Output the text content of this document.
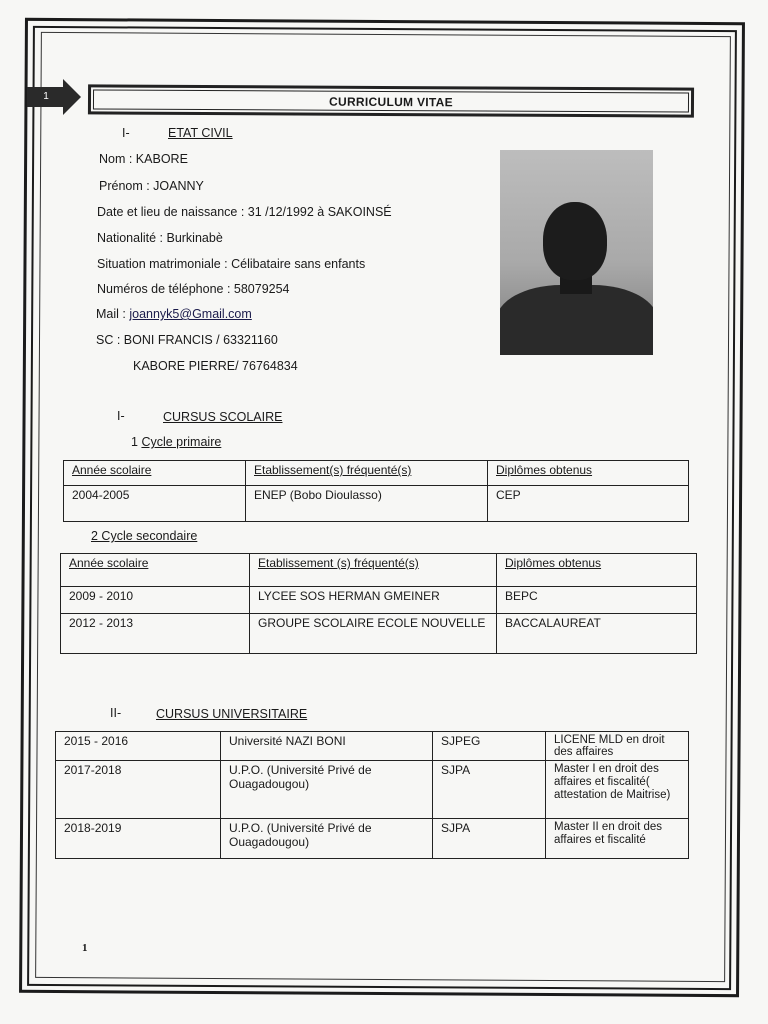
1	CURRICULUM VITAE
I-	ETAT CIVIL
Nom : KABORE
Prénom : JOANNY
Date et lieu de naissance : 31 /12/1992 à SAKOINSÉ
Nationalité : Burkinabè
Situation matrimoniale : Célibataire sans enfants
Numéros de téléphone : 58079254
Mail : joannyk5@Gmail.com
SC : BONI FRANCIS / 63321160
KABORE PIERRE/ 76764834
I-	CURSUS SCOLAIRE
1 Cycle primaire
Année scolaire	Etablissement(s) fréquenté(s)	Diplômes obtenus
2004-2005	ENEP (Bobo Dioulasso)	CEP
2 Cycle secondaire
Année scolaire	Etablissement (s) fréquenté(s)	Diplômes obtenus
2009 - 2010	LYCEE SOS HERMAN GMEINER	BEPC
2012 - 2013	GROUPE SCOLAIRE ECOLE NOUVELLE	BACCALAUREAT
II-	CURSUS UNIVERSITAIRE
2015 - 2016	Université NAZI BONI	SJPEG	LICENE MLD en droit des affaires
2017-2018	U.P.O. (Université Privé de Ouagadougou)	SJPA	Master I en droit des affaires et fiscalité( attestation de Maitrise)
2018-2019	U.P.O. (Université Privé de Ouagadougou)	SJPA	Master II en droit des affaires et fiscalité
1
